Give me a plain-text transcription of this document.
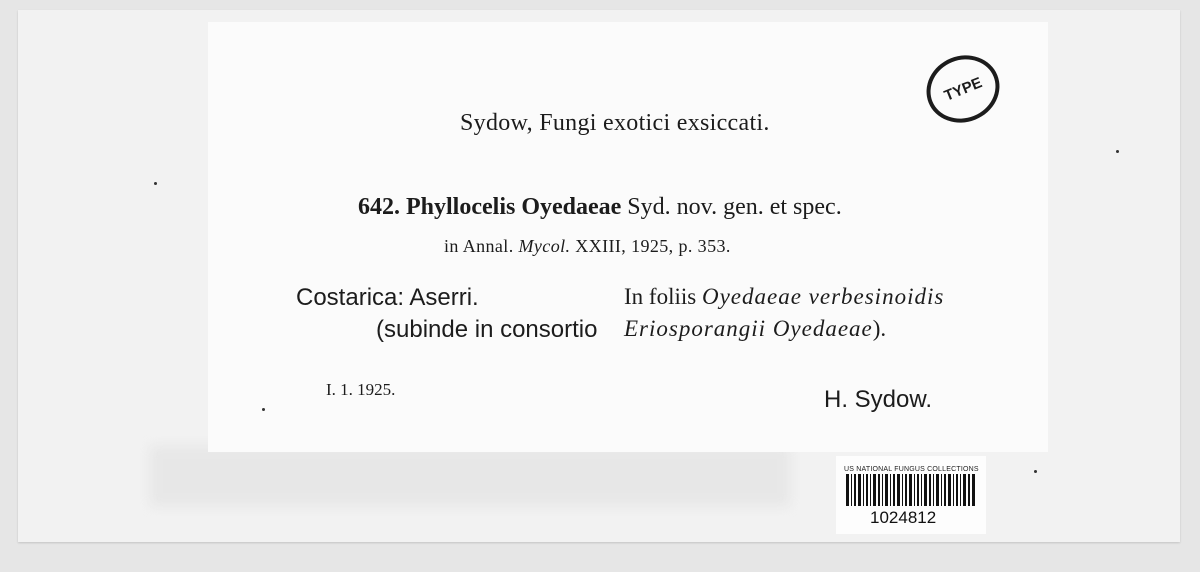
Sydow, Fungi exotici exsiccati.
642. Phyllocelis Oyedaeae Syd. nov. gen. et spec.
in Annal. Mycol. XXIII, 1925, p. 353.
Costarica: Aserri.
(subinde in consortio
In foliis Oyedaeae verbesinoidis
Eriosporangii Oyedaeae).
I. 1. 1925.	H. Sydow.
TYPE
US NATIONAL FUNGUS COLLECTIONS
1024812
